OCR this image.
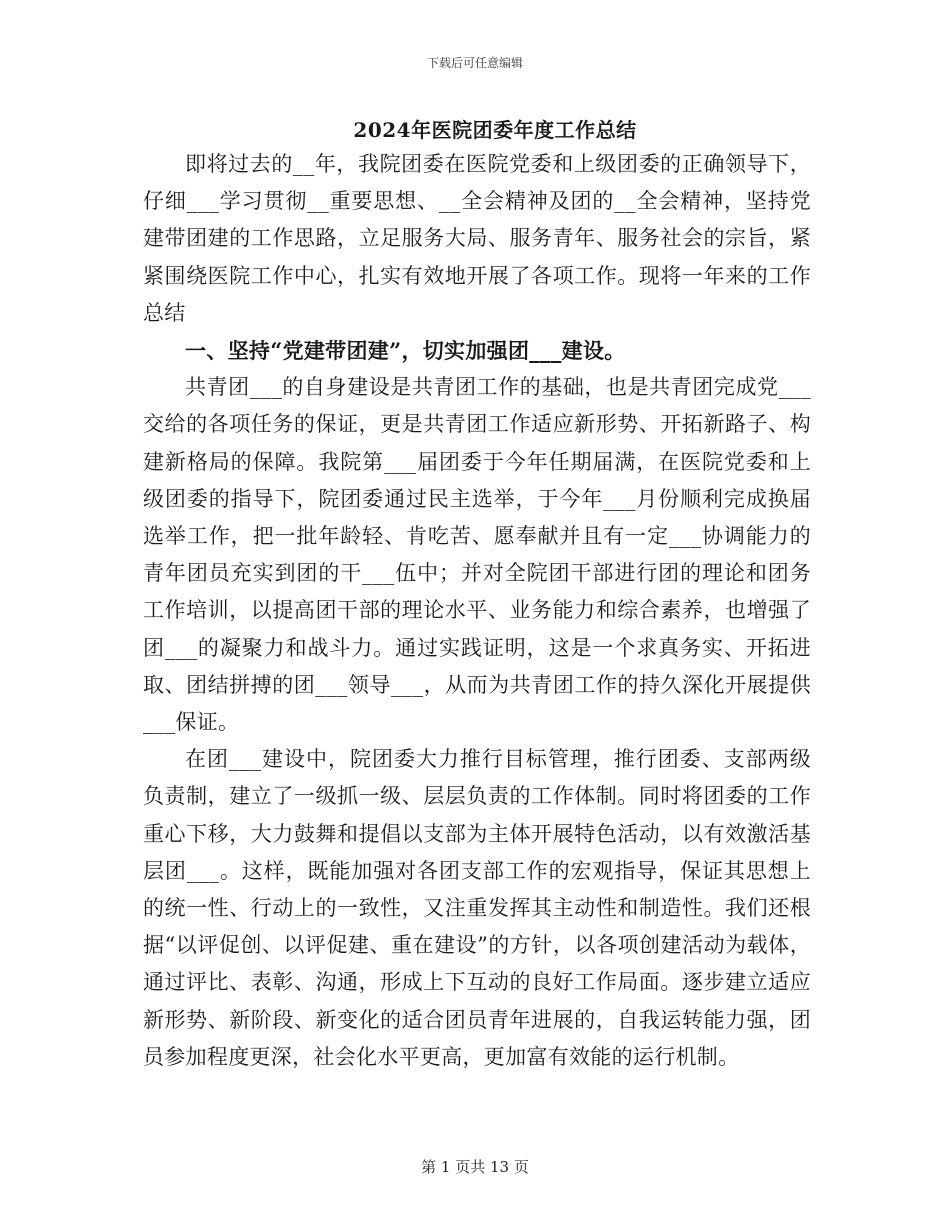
下载后可任意编辑
2024年医院团委年度工作总结

即将过去的__年，我院团委在医院党委和上级团委的正确领导下，仔细___学习贯彻__重要思想、__全会精神及团的__全会精神，坚持党建带团建的工作思路，立足服务大局、服务青年、服务社会的宗旨，紧紧围绕医院工作中心，扎实有效地开展了各项工作。现将一年来的工作总结

一、坚持“党建带团建”，切实加强团___建设。

共青团___的自身建设是共青团工作的基础，也是共青团完成党___交给的各项任务的保证，更是共青团工作适应新形势、开拓新路子、构建新格局的保障。我院第___届团委于今年任期届满，在医院党委和上级团委的指导下，院团委通过民主选举，于今年___月份顺利完成换届选举工作，把一批年龄轻、肯吃苦、愿奉献并且有一定___协调能力的青年团员充实到团的干___伍中；并对全院团干部进行团的理论和团务工作培训，以提高团干部的理论水平、业务能力和综合素养，也增强了团___的凝聚力和战斗力。通过实践证明，这是一个求真务实、开拓进取、团结拼搏的团___领导___，从而为共青团工作的持久深化开展提供___保证。

在团___建设中，院团委大力推行目标管理，推行团委、支部两级负责制，建立了一级抓一级、层层负责的工作体制。同时将团委的工作重心下移，大力鼓舞和提倡以支部为主体开展特色活动，以有效激活基层团___。这样，既能加强对各团支部工作的宏观指导，保证其思想上的统一性、行动上的一致性，又注重发挥其主动性和制造性。我们还根据“以评促创、以评促建、重在建设”的方针，以各项创建活动为载体，通过评比、表彰、沟通，形成上下互动的良好工作局面。逐步建立适应新形势、新阶段、新变化的适合团员青年进展的，自我运转能力强，团员参加程度更深，社会化水平更高，更加富有效能的运行机制。

第 1 页共 13 页
